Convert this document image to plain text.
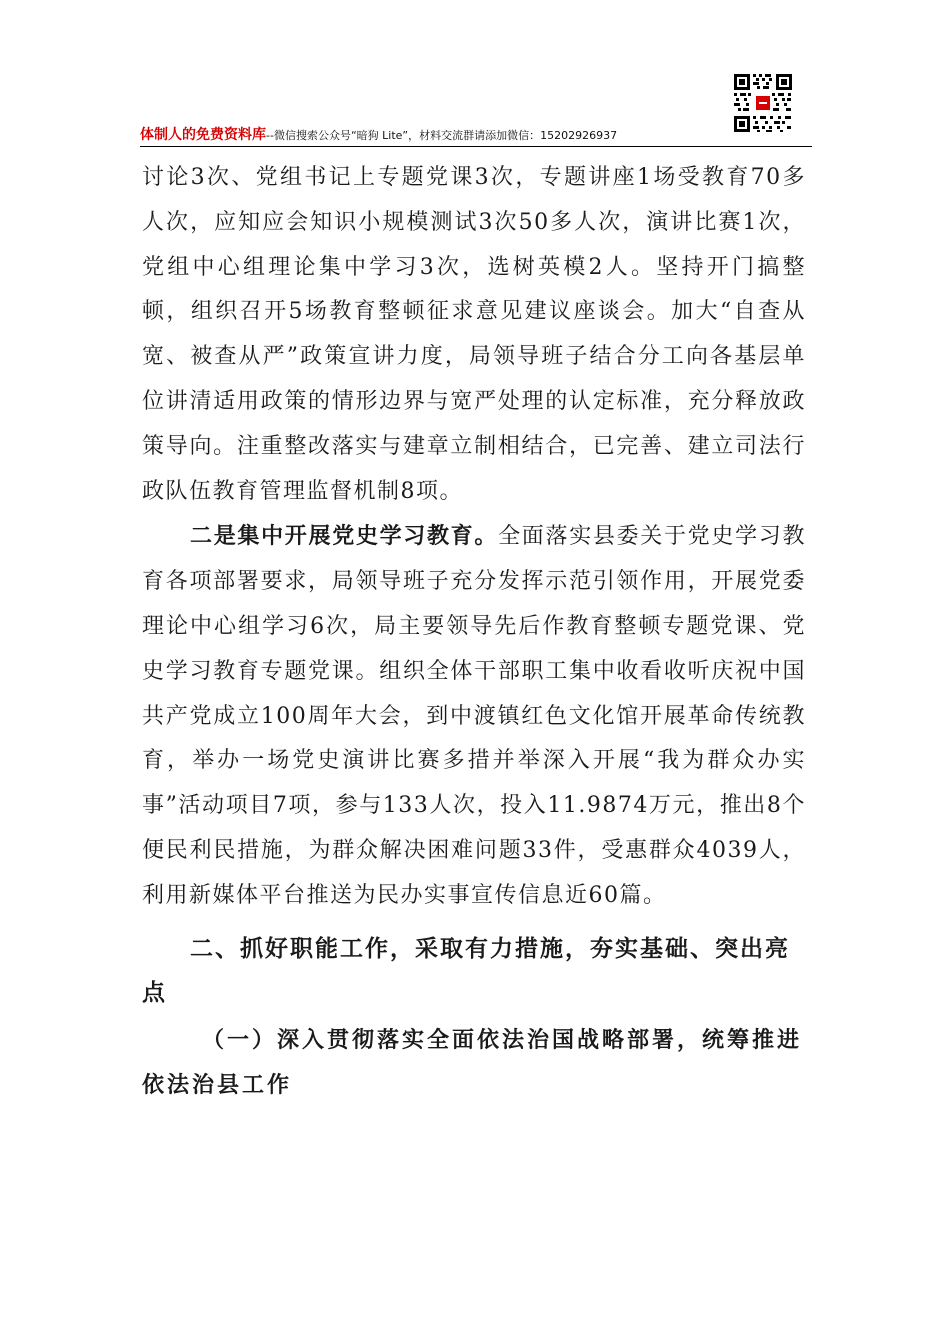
体制人的免费资料库--微信搜索公众号“暗狗 Lite”，材料交流群请添加微信：15202926937

讨论3次、党组书记上专题党课3次，专题讲座1场受教育70多人次，应知应会知识小规模测试3次50多人次，演讲比赛1次，党组中心组理论集中学习3次，选树英模2人。坚持开门搞整顿，组织召开5场教育整顿征求意见建议座谈会。加大“自查从宽、被查从严”政策宣讲力度，局领导班子结合分工向各基层单位讲清适用政策的情形边界与宽严处理的认定标准，充分释放政策导向。注重整改落实与建章立制相结合，已完善、建立司法行政队伍教育管理监督机制8项。

二是集中开展党史学习教育。全面落实县委关于党史学习教育各项部署要求，局领导班子充分发挥示范引领作用，开展党委理论中心组学习6次，局主要领导先后作教育整顿专题党课、党史学习教育专题党课。组织全体干部职工集中收看收听庆祝中国共产党成立100周年大会，到中渡镇红色文化馆开展革命传统教育，举办一场党史演讲比赛多措并举深入开展“我为群众办实事”活动项目7项，参与133人次，投入11.9874万元，推出8个便民利民措施，为群众解决困难问题33件，受惠群众4039人，利用新媒体平台推送为民办实事宣传信息近60篇。

二、抓好职能工作，采取有力措施，夯实基础、突出亮点

（一）深入贯彻落实全面依法治国战略部署，统筹推进依法治县工作
